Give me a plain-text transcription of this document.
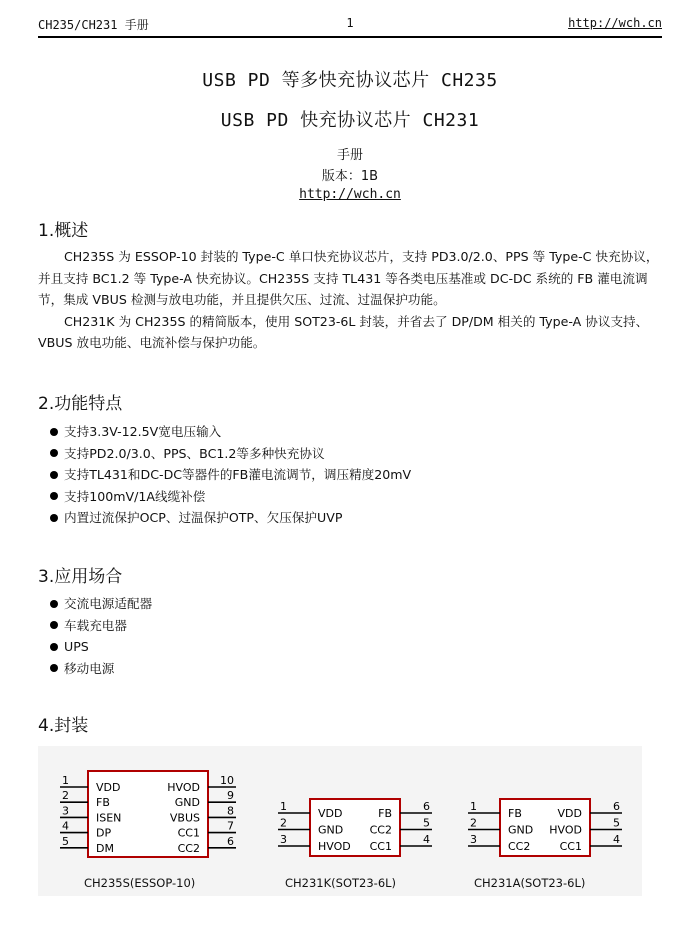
CH235/CH231 手册	1	http://wch.cn
USB PD 等多快充协议芯片 CH235
USB PD 快充协议芯片 CH231
手册
版本：1B
http://wch.cn
1.概述

CH235S 为 ESSOP-10 封装的 Type-C 单口快充协议芯片，支持 PD3.0/2.0、PPS 等 Type-C 快充协议，并且支持 BC1.2 等 Type-A 快充协议。CH235S 支持 TL431 等各类电压基准或 DC-DC 系统的 FB 灌电流调节，集成 VBUS 检测与放电功能，并且提供欠压、过流、过温保护功能。

CH231K 为 CH235S 的精简版本，使用 SOT23-6L 封装，并省去了 DP/DM 相关的 Type-A 协议支持、VBUS 放电功能、电流补偿与保护功能。

2.功能特点
支持3.3V-12.5V宽电压输入
支持PD2.0/3.0、PPS、BC1.2等多种快充协议
支持TL431和DC-DC等器件的FB灌电流调节，调压精度20mV
支持100mV/1A线缆补偿
内置过流保护OCP、过温保护OTP、欠压保护UVP
3.应用场合
交流电源适配器
车载充电器
UPS
移动电源
4.封装
1
VDD
2
FB
3
ISEN
4
DP
5
DM
10
HVOD
9
GND
8
VBUS
7
CC1
6
CC2
1
VDD
2
GND
3
HVOD
6
FB
5
CC2
4
CC1
1
FB
2
GND
3
CC2
6
VDD
5
HVOD
4
CC1
CH235S(ESSOP-10)	CH231K(SOT23-6L)	CH231A(SOT23-6L)
